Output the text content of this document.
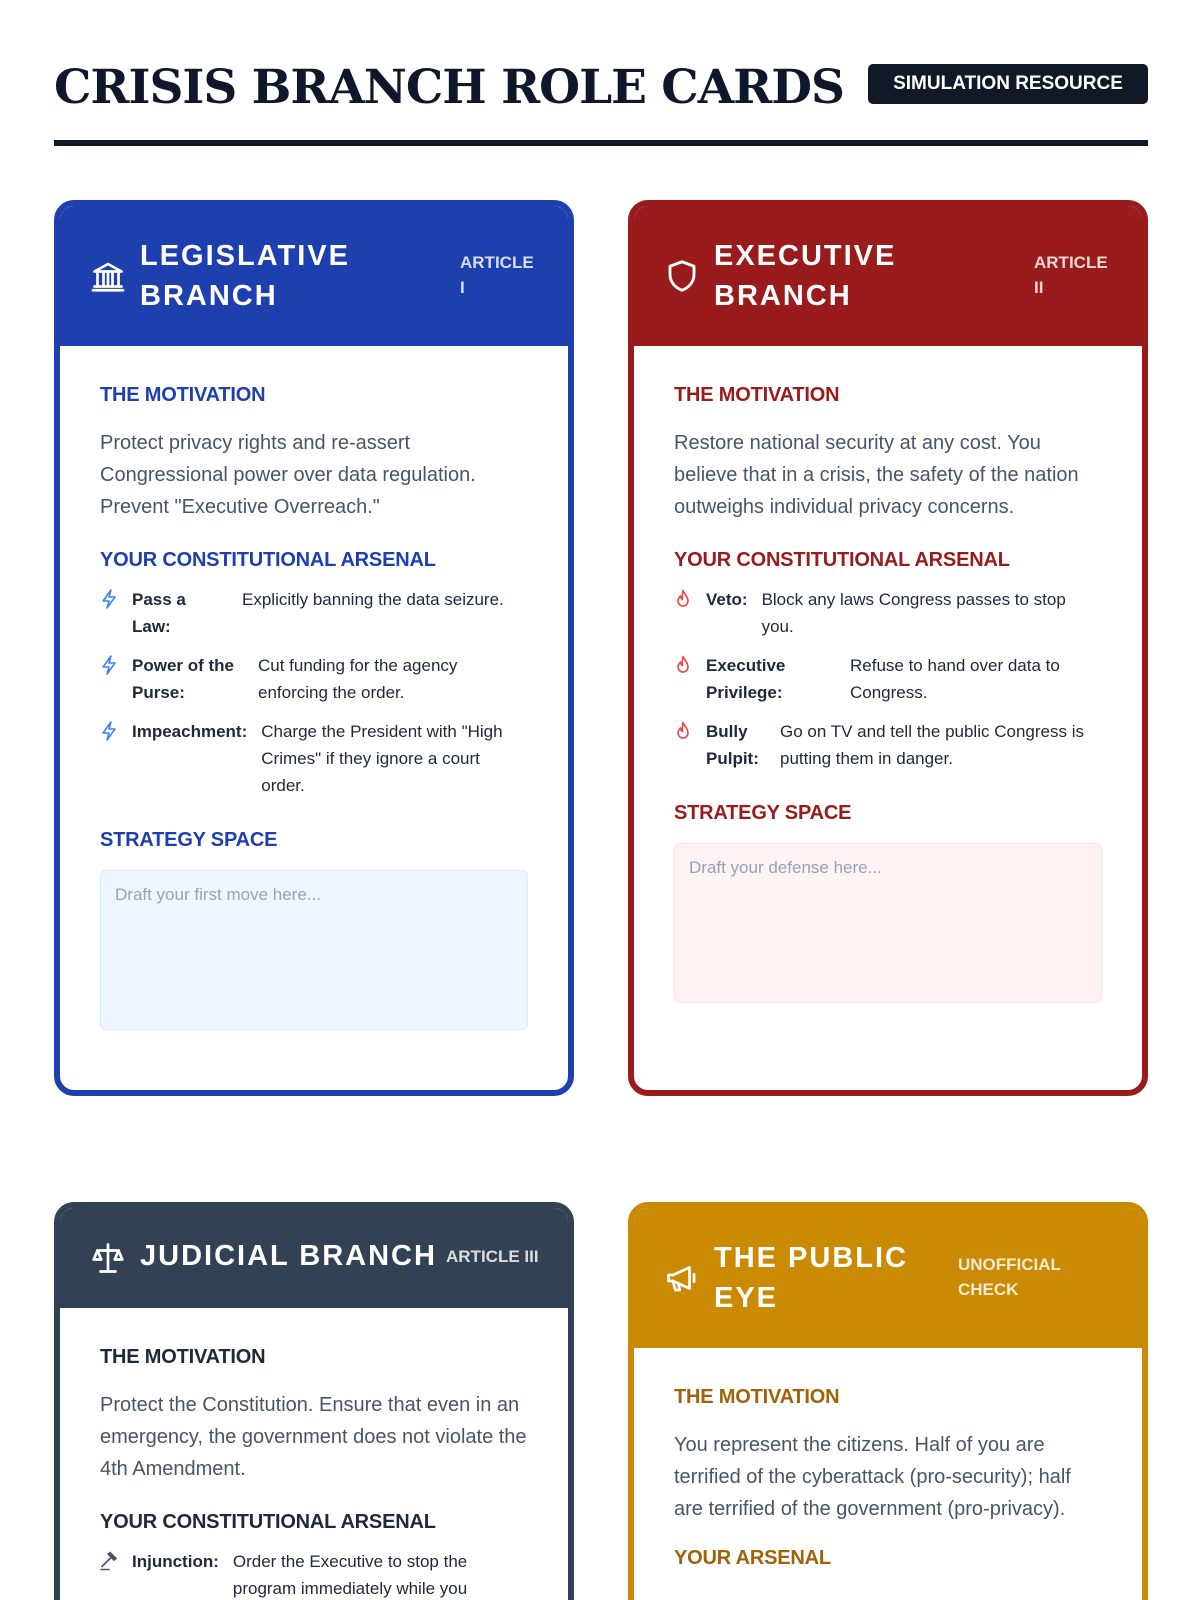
CRISIS BRANCH ROLE CARDS	SIMULATION RESOURCE
LEGISLATIVE
BRANCH
ARTICLE
I
THE MOTIVATION

Protect privacy rights and re-assert Congressional power over data regulation. Prevent "Executive Overreach."

YOUR CONSTITUTIONAL ARSENAL
Pass a Law:
Explicitly banning the data seizure.
Power of the Purse:
Cut funding for the agency enforcing the order.
Impeachment: Charge the President with "High Crimes" if they ignore a court order.
STRATEGY SPACE
Draft your first move here...
EXECUTIVE
BRANCH
ARTICLE
II
THE MOTIVATION

Restore national security at any cost. You believe that in a crisis, the safety of the nation outweighs individual privacy concerns.

YOUR CONSTITUTIONAL ARSENAL
Veto: Block any laws Congress passes to stop you.
Executive Privilege:
Refuse to hand over data to Congress.
Bully Pulpit:
Go on TV and tell the public Congress is putting them in danger.
STRATEGY SPACE
Draft your defense here...
JUDICIAL BRANCH ARTICLE III
THE MOTIVATION

Protect the Constitution. Ensure that even in an emergency, the government does not violate the 4th Amendment.

YOUR CONSTITUTIONAL ARSENAL
Injunction: Order the Executive to stop the program immediately while you
THE PUBLIC
EYE
UNOFFICIAL
CHECK
THE MOTIVATION

You represent the citizens. Half of you are terrified of the cyberattack (pro-security); half are terrified of the government (pro-privacy).

YOUR ARSENAL
